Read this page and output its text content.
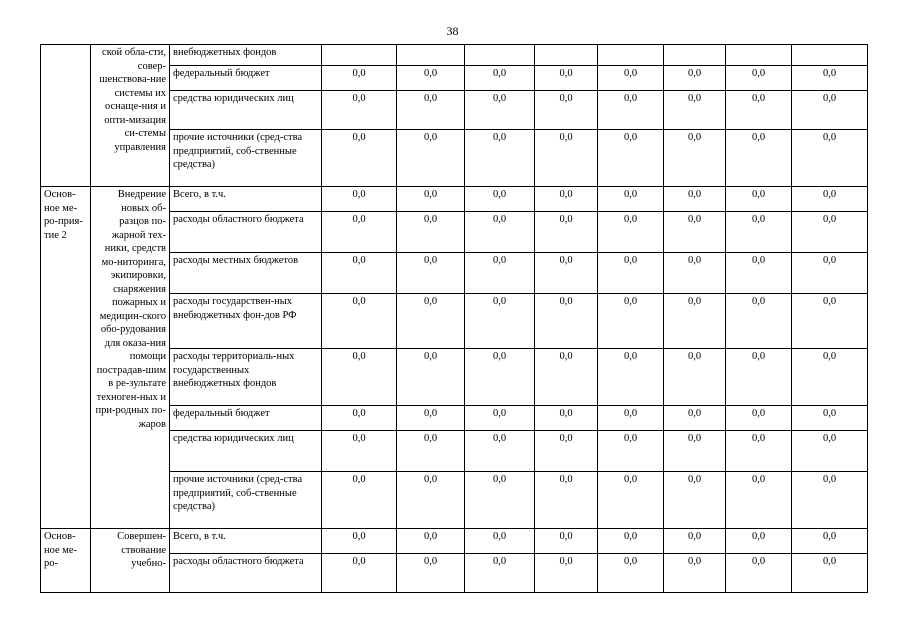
38
	ской обла-сти, совер-шенствова-ние системы их оснаще-ния и опти-мизация си-стемы управления	внебюджетных фондов								
		федеральный бюджет	0,0	0,0	0,0	0,0	0,0	0,0	0,0	0,0
		средства юридических лиц	0,0	0,0	0,0	0,0	0,0	0,0	0,0	0,0
		прочие источники (сред-ства предприятий, соб-ственные средства)	0,0	0,0	0,0	0,0	0,0	0,0	0,0	0,0
Основ-ное ме-ро-прия-тие 2	Внедрение новых об-разцов по-жарной тех-ники, средств мо-ниторинга, экипировки, снаряжения пожарных и медицин-ского обо-рудования для оказа-ния помощи пострадав-шим в ре-зультате техноген-ных и при-родных по-жаров	Всего, в т.ч.	0,0	0,0	0,0	0,0	0,0	0,0	0,0	0,0
		расходы областного бюджета	0,0	0,0	0,0	0,0	0,0	0,0	0,0	0,0
		расходы местных бюджетов	0,0	0,0	0,0	0,0	0,0	0,0	0,0	0,0
		расходы государствен-ных внебюджетных фон-дов РФ	0,0	0,0	0,0	0,0	0,0	0,0	0,0	0,0
		расходы территориаль-ных государственных внебюджетных фондов	0,0	0,0	0,0	0,0	0,0	0,0	0,0	0,0
		федеральный бюджет	0,0	0,0	0,0	0,0	0,0	0,0	0,0	0,0
		средства юридических лиц	0,0	0,0	0,0	0,0	0,0	0,0	0,0	0,0
		прочие источники (сред-ства предприятий, соб-ственные средства)	0,0	0,0	0,0	0,0	0,0	0,0	0,0	0,0
Основ-ное ме-ро-	Совершен-ствование учебно-	Всего, в т.ч.	0,0	0,0	0,0	0,0	0,0	0,0	0,0	0,0
		расходы областного бюджета	0,0	0,0	0,0	0,0	0,0	0,0	0,0	0,0
